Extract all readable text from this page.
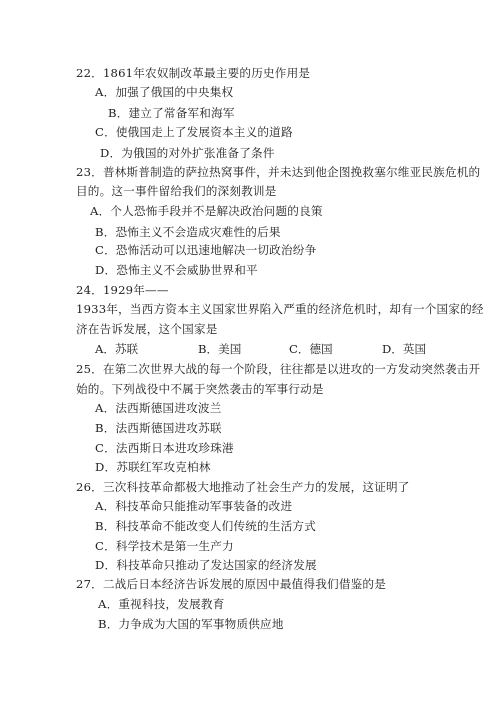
22．1861年农奴制改革最主要的历史作用是
A．加强了俄国的中央集权
B．建立了常备军和海军
C．使俄国走上了发展资本主义的道路
D．为俄国的对外扩张准备了条件
23．普林斯普制造的萨拉热窝事件，并未达到他企图挽救塞尔维亚民族危机的
目的。这一事件留给我们的深刻教训是
A．个人恐怖手段并不是解决政治问题的良策
B．恐怖主义不会造成灾难性的后果
C．恐怖活动可以迅速地解决一切政治纷争
D．恐怖主义不会威胁世界和平
24．1929年——
1933年，当西方资本主义国家世界陷入严重的经济危机时，却有一个国家的经
济在告诉发展，这个国家是
A．苏联	B．美国	C．德国	D．英国
25．在第二次世界大战的每一个阶段，往往都是以进攻的一方发动突然袭击开
始的。下列战役中不属于突然袭击的军事行动是
A．法西斯德国进攻波兰
B．法西斯德国进攻苏联
C．法西斯日本进攻珍珠港
D．苏联红军攻克柏林
26．三次科技革命都极大地推动了社会生产力的发展，这证明了
A．科技革命只能推动军事装备的改进
B．科技革命不能改变人们传统的生活方式
C．科学技术是第一生产力
D．科技革命只推动了发达国家的经济发展
27．二战后日本经济告诉发展的原因中最值得我们借鉴的是
A．重视科技，发展教育
B．力争成为大国的军事物质供应地
